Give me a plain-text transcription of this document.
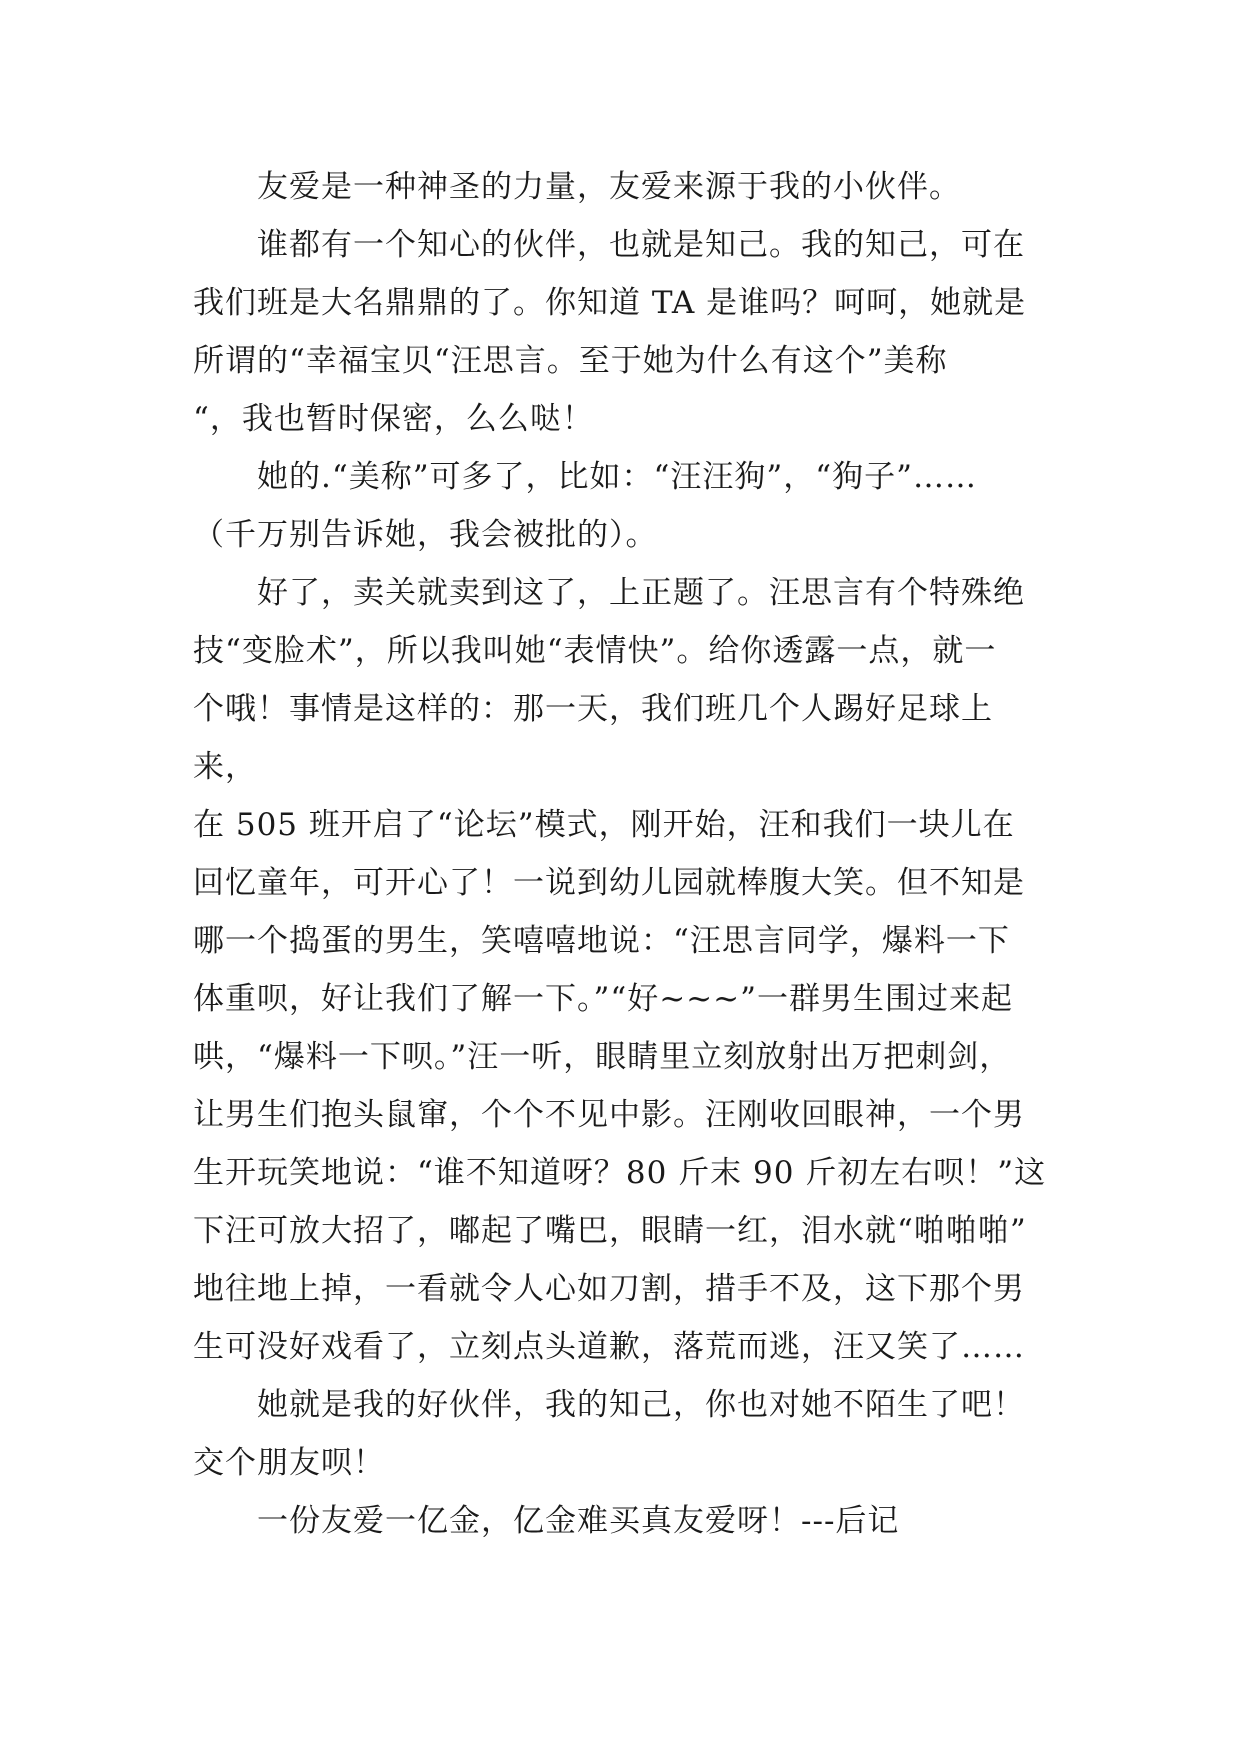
友爱是一种神圣的力量，友爱来源于我的小伙伴。

谁都有一个知心的伙伴，也就是知己。我的知己，可在
我们班是大名鼎鼎的了。你知道 TA 是谁吗？呵呵，她就是
所谓的“幸福宝贝“汪思言。至于她为什么有这个”美称
“，我也暂时保密，么么哒！

她的.“美称”可多了，比如：“汪汪狗”，“狗子”……
（千万别告诉她，我会被批的）。

好了，卖关就卖到这了，上正题了。汪思言有个特殊绝
技“变脸术”，所以我叫她“表情快”。给你透露一点，就一
个哦！事情是这样的：那一天，我们班几个人踢好足球上来，
在 505 班开启了“论坛”模式，刚开始，汪和我们一块儿在
回忆童年，可开心了！一说到幼儿园就棒腹大笑。但不知是
哪一个捣蛋的男生，笑嘻嘻地说：“汪思言同学，爆料一下
体重呗，好让我们了解一下。”“好~~~”一群男生围过来起
哄，“爆料一下呗。”汪一听，眼睛里立刻放射出万把刺剑，
让男生们抱头鼠窜，个个不见中影。汪刚收回眼神，一个男
生开玩笑地说：“谁不知道呀？80 斤末 90 斤初左右呗！”这
下汪可放大招了，嘟起了嘴巴，眼睛一红，泪水就“啪啪啪”
地往地上掉，一看就令人心如刀割，措手不及，这下那个男
生可没好戏看了，立刻点头道歉，落荒而逃，汪又笑了……

她就是我的好伙伴，我的知己，你也对她不陌生了吧！
交个朋友呗！

一份友爱一亿金，亿金难买真友爱呀！---后记
